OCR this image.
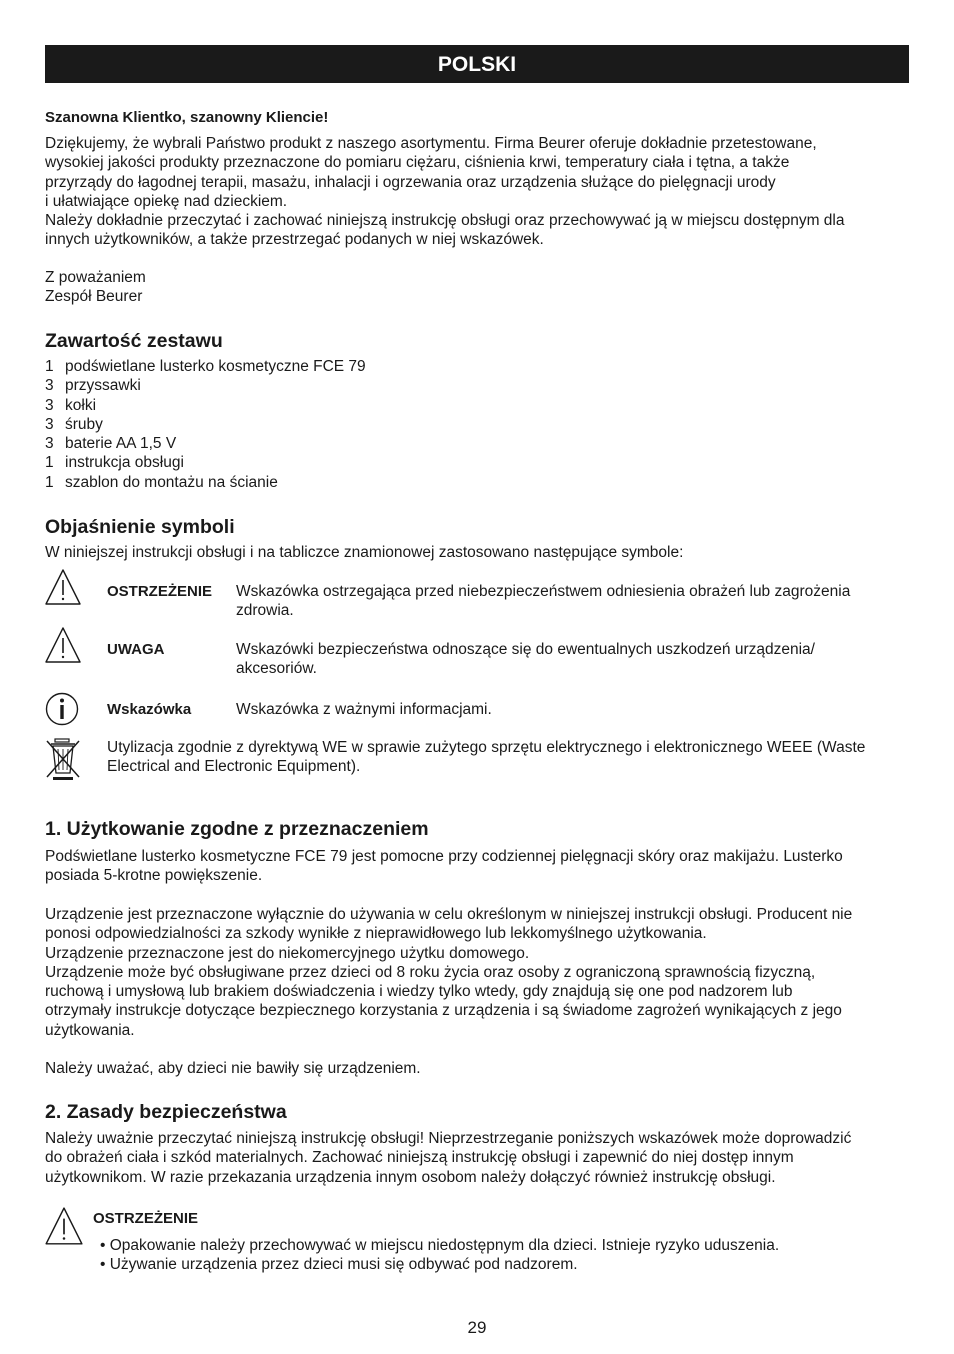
POLSKI

Szanowna Klientko, szanowny Kliencie!

Dziękujemy, że wybrali Państwo produkt z naszego asortymentu. Firma Beurer oferuje dokładnie przetestowane,
wysokiej jakości produkty przeznaczone do pomiaru ciężaru, ciśnienia krwi, temperatury ciała i tętna, a także
przyrządy do łagodnej terapii, masażu, inhalacji i ogrzewania oraz urządzenia służące do pielęgnacji urody
i ułatwiające opiekę nad dzieckiem.
Należy dokładnie przeczytać i zachować niniejszą instrukcję obsługi oraz przechowywać ją w miejscu dostępnym dla
innych użytkowników, a także przestrzegać podanych w niej wskazówek.

Z poważaniem

Zespół Beurer

Zawartość zestawu
1 podświetlane lusterko kosmetyczne FCE 79
3 przyssawki
3 kołki
3 śruby
3 baterie AA 1,5 V
1 instrukcja obsługi
1 szablon do montażu na ścianie
Objaśnienie symboli

W niniejszej instrukcji obsługi i na tabliczce znamionowej zastosowano następujące symbole:

OSTRZEŻENIE Wskazówka ostrzegająca przed niebezpieczeństwem odniesienia obrażeń lub zagrożenia
zdrowia.
UWAGA	Wskazówki bezpieczeństwa odnoszące się do ewentualnych uszkodzeń urządzenia/
akcesoriów.
Wskazówka	Wskazówka z ważnymi informacjami.
Utylizacja zgodnie z dyrektywą WE w sprawie zużytego sprzętu elektrycznego i elektronicznego WEEE (Waste
Electrical and Electronic Equipment).
1. Użytkowanie zgodne z przeznaczeniem

Podświetlane lusterko kosmetyczne FCE 79 jest pomocne przy codziennej pielęgnacji skóry oraz makijażu. Lusterko
posiada 5-krotne powiększenie.

Urządzenie jest przeznaczone wyłącznie do używania w celu określonym w niniejszej instrukcji obsługi. Producent nie
ponosi odpowiedzialności za szkody wynikłe z nieprawidłowego lub lekkomyślnego użytkowania.
Urządzenie przeznaczone jest do niekomercyjnego użytku domowego.
Urządzenie może być obsługiwane przez dzieci od 8 roku życia oraz osoby z ograniczoną sprawnością fizyczną,
ruchową i umysłową lub brakiem doświadczenia i wiedzy tylko wtedy, gdy znajdują się one pod nadzorem lub
otrzymały instrukcje dotyczące bezpiecznego korzystania z urządzenia i są świadome zagrożeń wynikających z jego
użytkowania.

Należy uważać, aby dzieci nie bawiły się urządzeniem.

2. Zasady bezpieczeństwa

Należy uważnie przeczytać niniejszą instrukcję obsługi! Nieprzestrzeganie poniższych wskazówek może doprowadzić
do obrażeń ciała i szkód materialnych. Zachować niniejszą instrukcję obsługi i zapewnić do niej dostęp innym
użytkownikom. W razie przekazania urządzenia innym osobom należy dołączyć również instrukcję obsługi.

OSTRZEŻENIE
• Opakowanie należy przechowywać w miejscu niedostępnym dla dzieci. Istnieje ryzyko uduszenia.
• Używanie urządzenia przez dzieci musi się odbywać pod nadzorem.
29
